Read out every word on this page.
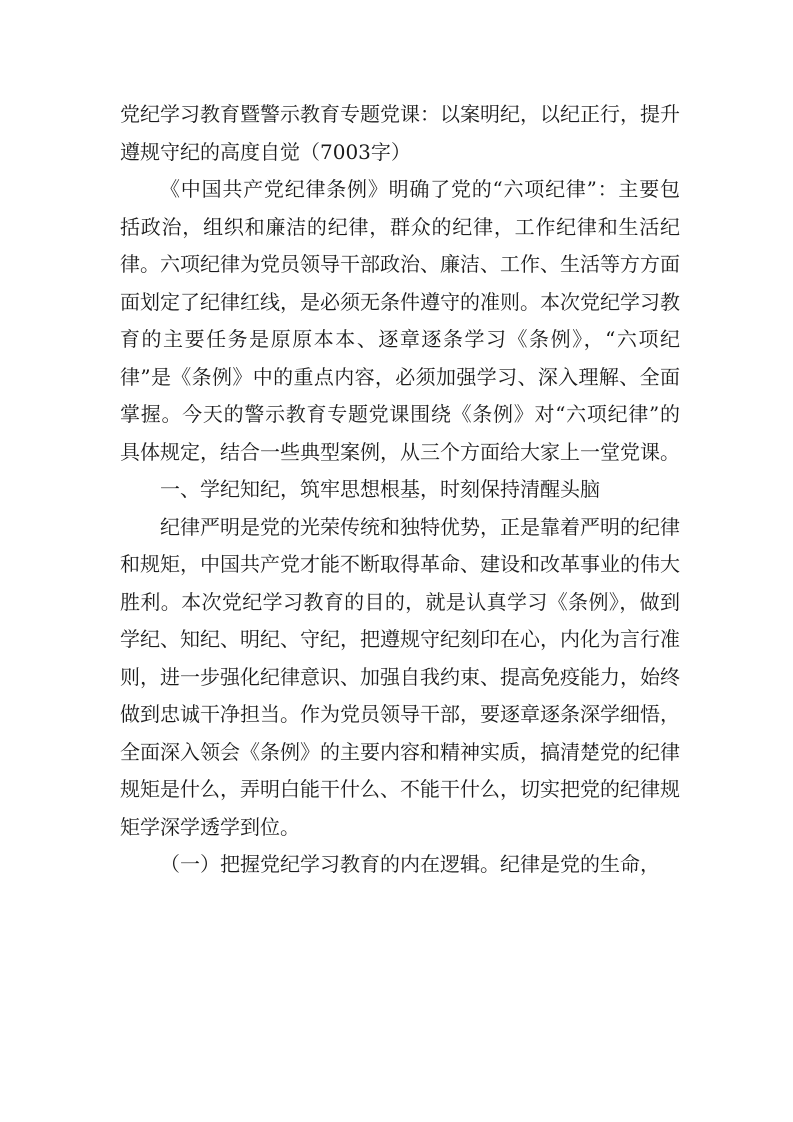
党纪学习教育暨警示教育专题党课：以案明纪，以纪正行，提升遵规守纪的高度自觉（7003字）

《中国共产党纪律条例》明确了党的“六项纪律”：主要包括政治，组织和廉洁的纪律，群众的纪律，工作纪律和生活纪律。六项纪律为党员领导干部政治、廉洁、工作、生活等方方面面划定了纪律红线，是必须无条件遵守的准则。本次党纪学习教育的主要任务是原原本本、逐章逐条学习《条例》，“六项纪律”是《条例》中的重点内容，必须加强学习、深入理解、全面掌握。今天的警示教育专题党课围绕《条例》对“六项纪律”的具体规定，结合一些典型案例，从三个方面给大家上一堂党课。

一、学纪知纪，筑牢思想根基，时刻保持清醒头脑

纪律严明是党的光荣传统和独特优势，正是靠着严明的纪律和规矩，中国共产党才能不断取得革命、建设和改革事业的伟大胜利。本次党纪学习教育的目的，就是认真学习《条例》，做到学纪、知纪、明纪、守纪，把遵规守纪刻印在心，内化为言行准则，进一步强化纪律意识、加强自我约束、提高免疫能力，始终做到忠诚干净担当。作为党员领导干部，要逐章逐条深学细悟，全面深入领会《条例》的主要内容和精神实质，搞清楚党的纪律规矩是什么，弄明白能干什么、不能干什么，切实把党的纪律规矩学深学透学到位。

（一）把握党纪学习教育的内在逻辑。纪律是党的生命，
